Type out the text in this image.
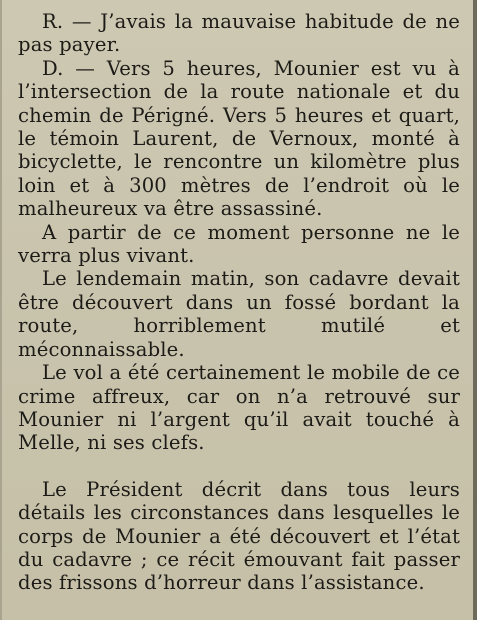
R. — J’avais la mauvaise habitude de ne pas payer.

D. — Vers 5 heures, Mounier est vu à l’intersection de la route nationale et du chemin de Périgné. Vers 5 heures et quart, le témoin Laurent, de Vernoux, monté à bicyclette, le rencontre un kilomètre plus loin et à 300 mètres de l’endroit où le malheureux va être assassiné.

A partir de ce moment personne ne le verra plus vivant.

Le lendemain matin, son cadavre devait être découvert dans un fossé bordant la route, horriblement mutilé et méconnaissable.

Le vol a été certainement le mobile de ce crime affreux, car on n’a retrouvé sur Mounier ni l’argent qu’il avait touché à Melle, ni ses clefs.

Le Président décrit dans tous leurs détails les circonstances dans lesquelles le corps de Mounier a été découvert et l’état du cadavre ; ce récit émouvant fait passer des frissons d’horreur dans l’assistance.
